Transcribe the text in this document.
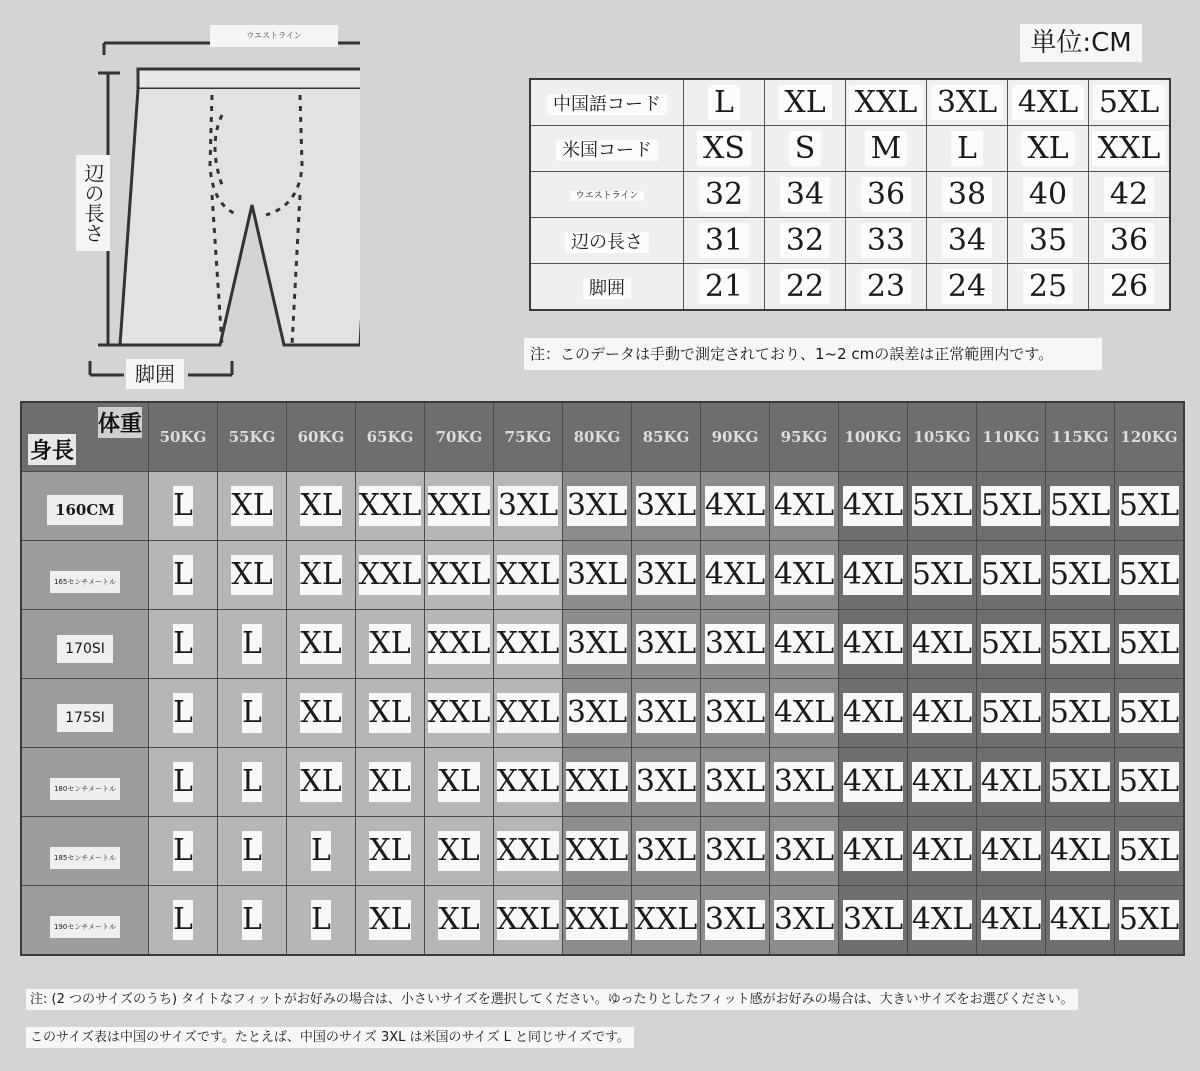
ウエストライン
辺の長さ
脚囲
単位:CM
中国語コード	L	XL	XXL	3XL	4XL	5XL
米国コード	XS	S	M	L	XL	XXL
ウエストライン	32	34	36	38	40	42
辺の長さ	31	32	33	34	35	36
脚囲	21	22	23	24	25	26
注：このデータは手動で測定されており、1~2 cmの誤差は正常範囲内です。
体重
身長	50KG	55KG	60KG	65KG	70KG	75KG	80KG	85KG	90KG	95KG	100KG	105KG	110KG	115KG	120KG
160CM	L	XL	XL	XXL	XXL	3XL	3XL	3XL	4XL	4XL	4XL	5XL	5XL	5XL	5XL
165センチメートル	L	XL	XL	XXL	XXL	XXL	3XL	3XL	4XL	4XL	4XL	5XL	5XL	5XL	5XL
170SI	L	L	XL	XL	XXL	XXL	3XL	3XL	3XL	4XL	4XL	4XL	5XL	5XL	5XL
175SI	L	L	XL	XL	XXL	XXL	3XL	3XL	3XL	4XL	4XL	4XL	5XL	5XL	5XL
180センチメートル	L	L	XL	XL	XL	XXL	XXL	3XL	3XL	3XL	4XL	4XL	4XL	5XL	5XL
185センチメートル	L	L	L	XL	XL	XXL	XXL	3XL	3XL	3XL	4XL	4XL	4XL	4XL	5XL
190センチメートル	L	L	L	XL	XL	XXL	XXL	XXL	3XL	3XL	3XL	4XL	4XL	4XL	5XL
注: (2 つのサイズのうち) タイトなフィットがお好みの場合は、小さいサイズを選択してください。ゆったりとしたフィット感がお好みの場合は、大きいサイズをお選びください。
このサイズ表は中国のサイズです。たとえば、中国のサイズ 3XL は米国のサイズ L と同じサイズです。
